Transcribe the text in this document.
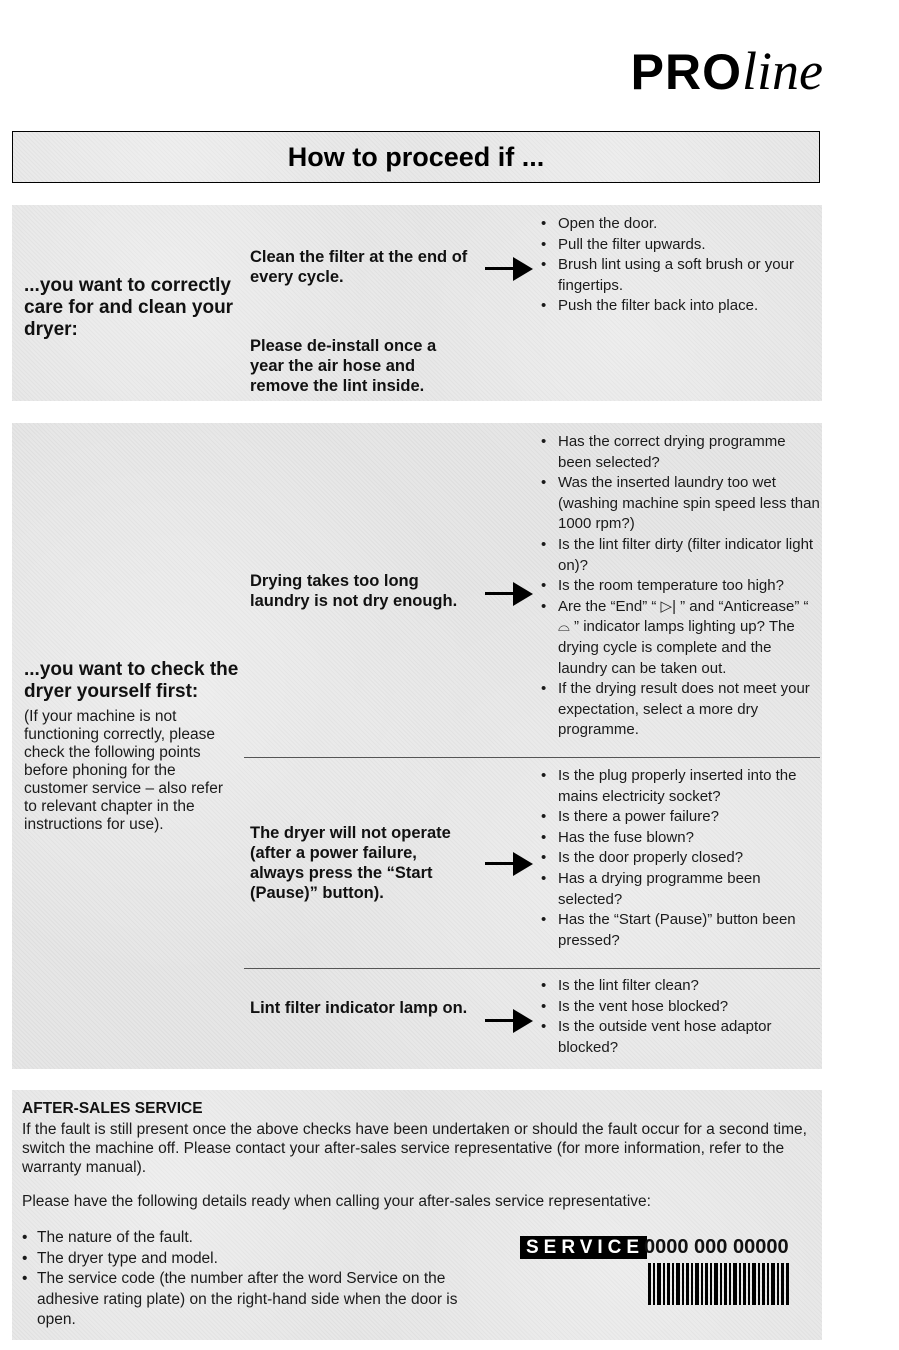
PROline
How to proceed if ...
...you want to correctly care for and clean your dryer:
Clean the filter at the end of every cycle.
• Open the door.
• Pull the filter upwards.
• Brush lint using a soft brush or your fingertips.
• Push the filter back into place.
Please de-install once a year the air hose and remove the lint inside.
...you want to check the dryer yourself first:
(If your machine is not functioning correctly, please check the following points before phoning for the customer service – also refer to relevant chapter in the instructions for use).
Drying takes too long laundry is not dry enough.
• Has the correct drying programme been selected?
• Was the inserted laundry too wet (washing machine spin speed less than 1000 rpm?)
• Is the lint filter dirty (filter indicator light on)?
• Is the room temperature too high?
• Are the “End” “ ▷| ” and “Anticrease” “ ⌓ ” indicator lamps lighting up? The drying cycle is complete and the laundry can be taken out.
• If the drying result does not meet your expectation, select a more dry programme.
The dryer will not operate (after a power failure, always press the “Start (Pause)” button).
• Is the plug properly inserted into the mains electricity socket?
• Is there a power failure?
• Has the fuse blown?
• Is the door properly closed?
• Has a drying programme been selected?
• Has the “Start (Pause)” button been pressed?
Lint filter indicator lamp on.
• Is the lint filter clean?
• Is the vent hose blocked?
• Is the outside vent hose adaptor blocked?
AFTER-SALES SERVICE
If the fault is still present once the above checks have been undertaken or should the fault occur for a second time, switch the machine off. Please contact your after-sales service representative (for more information, refer to the warranty manual).
Please have the following details ready when calling your after-sales service representative:
• The nature of the fault.
• The dryer type and model.
• The service code (the number after the word Service on the adhesive rating plate) on the right-hand side when the door is open.
SERVICE 0000 000 00000
